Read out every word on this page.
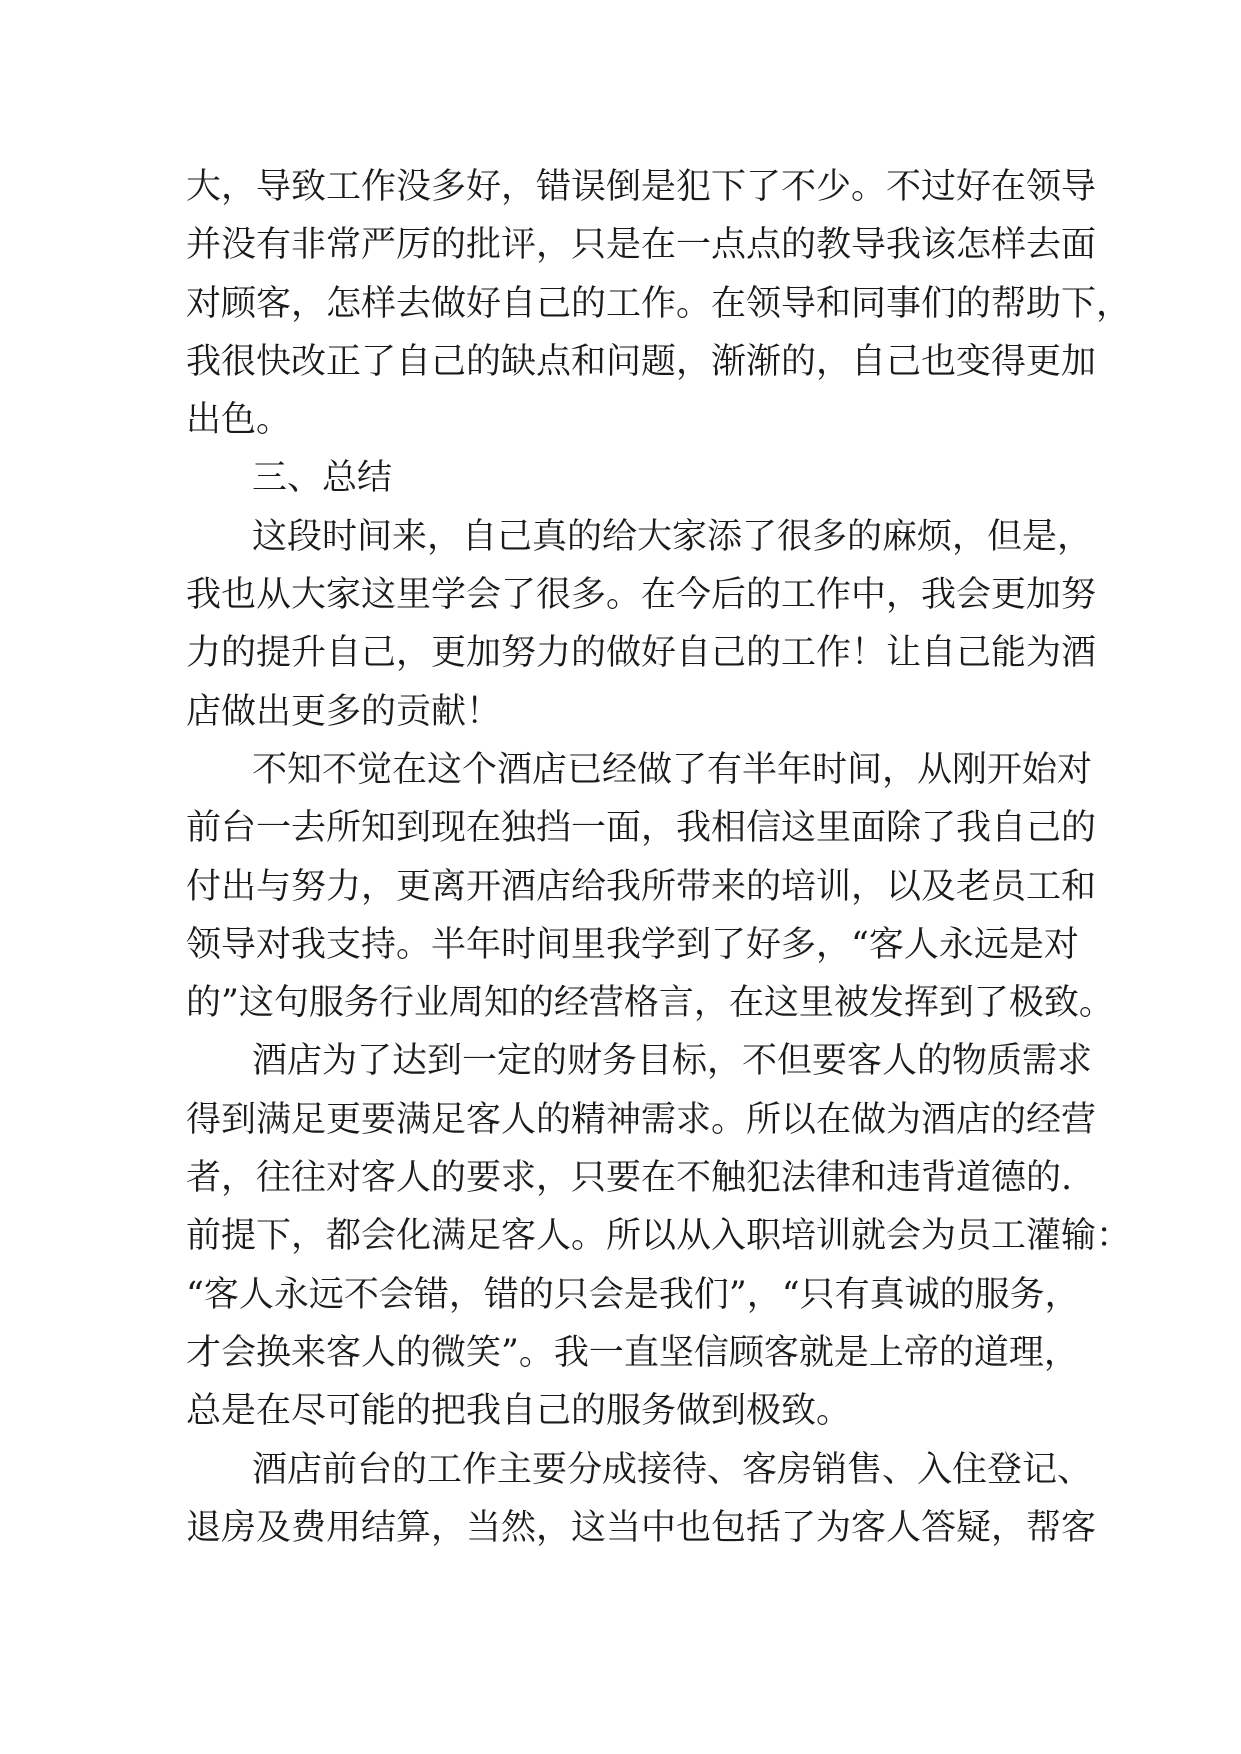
大，导致工作没多好，错误倒是犯下了不少。不过好在领导
并没有非常严厉的批评，只是在一点点的教导我该怎样去面
对顾客，怎样去做好自己的工作。在领导和同事们的帮助下，
我很快改正了自己的缺点和问题，渐渐的，自己也变得更加
出色。
三、总结
这段时间来，自己真的给大家添了很多的麻烦，但是，
我也从大家这里学会了很多。在今后的工作中，我会更加努
力的提升自己，更加努力的做好自己的工作！让自己能为酒
店做出更多的贡献！
不知不觉在这个酒店已经做了有半年时间，从刚开始对
前台一去所知到现在独挡一面，我相信这里面除了我自己的
付出与努力，更离开酒店给我所带来的培训，以及老员工和
领导对我支持。半年时间里我学到了好多，“客人永远是对
的”这句服务行业周知的经营格言，在这里被发挥到了极致。
酒店为了达到一定的财务目标，不但要客人的物质需求
得到满足更要满足客人的精神需求。所以在做为酒店的经营
者，往往对客人的要求，只要在不触犯法律和违背道德的.
前提下，都会化满足客人。所以从入职培训就会为员工灌输：
“客人永远不会错，错的只会是我们”，“只有真诚的服务，
才会换来客人的微笑”。我一直坚信顾客就是上帝的道理，
总是在尽可能的把我自己的服务做到极致。
酒店前台的工作主要分成接待、客房销售、入住登记、
退房及费用结算，当然，这当中也包括了为客人答疑，帮客
